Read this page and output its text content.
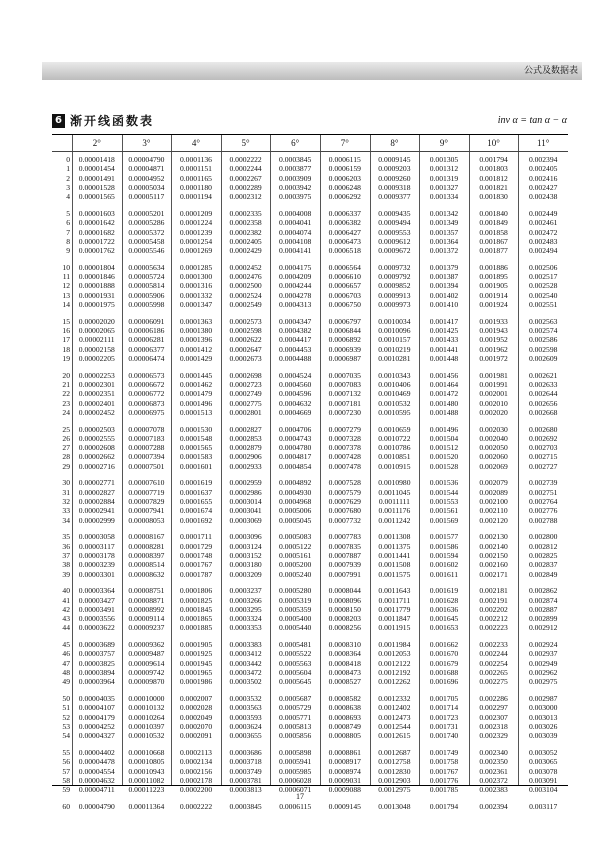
公式及数据表
6 渐开线函数表	inv α = tan α − α
2°	3°	4°	5°	6°	7°	8°	9°	10°	11°
0	0.00001418	0.00004790	0.0001136	0.0002222	0.0003845	0.0006115	0.0009145	0.001305	0.001794	0.002394
1	0.00001454	0.00004871	0.0001151	0.0002244	0.0003877	0.0006159	0.0009203	0.001312	0.001803	0.002405
2	0.00001491	0.00004952	0.0001165	0.0002267	0.0003909	0.0006203	0.0009260	0.001319	0.001812	0.002416
3	0.00001528	0.00005034	0.0001180	0.0002289	0.0003942	0.0006248	0.0009318	0.001327	0.001821	0.002427
4	0.00001565	0.00005117	0.0001194	0.0002312	0.0003975	0.0006292	0.0009377	0.001334	0.001830	0.002438
5	0.00001603	0.00005201	0.0001209	0.0002335	0.0004008	0.0006337	0.0009435	0.001342	0.001840	0.002449
6	0.00001642	0.00005286	0.0001224	0.0002358	0.0004041	0.0006382	0.0009494	0.001349	0.001849	0.002461
7	0.00001682	0.00005372	0.0001239	0.0002382	0.0004074	0.0006427	0.0009553	0.001357	0.001858	0.002472
8	0.00001722	0.00005458	0.0001254	0.0002405	0.0004108	0.0006473	0.0009612	0.001364	0.001867	0.002483
9	0.00001762	0.00005546	0.0001269	0.0002429	0.0004141	0.0006518	0.0009672	0.001372	0.001877	0.002494
10	0.00001804	0.00005634	0.0001285	0.0002452	0.0004175	0.0006564	0.0009732	0.001379	0.001886	0.002506
11	0.00001846	0.00005724	0.0001300	0.0002476	0.0004209	0.0006610	0.0009792	0.001387	0.001895	0.002517
12	0.00001888	0.00005814	0.0001316	0.0002500	0.0004244	0.0006657	0.0009852	0.001394	0.001905	0.002528
13	0.00001931	0.00005906	0.0001332	0.0002524	0.0004278	0.0006703	0.0009913	0.001402	0.001914	0.002540
14	0.00001975	0.00005998	0.0001347	0.0002549	0.0004313	0.0006750	0.0009973	0.001410	0.001924	0.002551
15	0.00002020	0.00006091	0.0001363	0.0002573	0.0004347	0.0006797	0.0010034	0.001417	0.001933	0.002563
16	0.00002065	0.00006186	0.0001380	0.0002598	0.0004382	0.0006844	0.0010096	0.001425	0.001943	0.002574
17	0.00002111	0.00006281	0.0001396	0.0002622	0.0004417	0.0006892	0.0010157	0.001433	0.001952	0.002586
18	0.00002158	0.00006377	0.0001412	0.0002647	0.0004453	0.0006939	0.0010219	0.001441	0.001962	0.002598
19	0.00002205	0.00006474	0.0001429	0.0002673	0.0004488	0.0006987	0.0010281	0.001448	0.001972	0.002609
20	0.00002253	0.00006573	0.0001445	0.0002698	0.0004524	0.0007035	0.0010343	0.001456	0.001981	0.002621
21	0.00002301	0.00006672	0.0001462	0.0002723	0.0004560	0.0007083	0.0010406	0.001464	0.001991	0.002633
22	0.00002351	0.00006772	0.0001479	0.0002749	0.0004596	0.0007132	0.0010469	0.001472	0.002001	0.002644
23	0.00002401	0.00006873	0.0001496	0.0002775	0.0004632	0.0007181	0.0010532	0.001480	0.002010	0.002656
24	0.00002452	0.00006975	0.0001513	0.0002801	0.0004669	0.0007230	0.0010595	0.001488	0.002020	0.002668
25	0.00002503	0.00007078	0.0001530	0.0002827	0.0004706	0.0007279	0.0010659	0.001496	0.002030	0.002680
26	0.00002555	0.00007183	0.0001548	0.0002853	0.0004743	0.0007328	0.0010722	0.001504	0.002040	0.002692
27	0.00002608	0.00007288	0.0001565	0.0002879	0.0004780	0.0007378	0.0010786	0.001512	0.002050	0.002703
28	0.00002662	0.00007394	0.0001583	0.0002906	0.0004817	0.0007428	0.0010851	0.001520	0.002060	0.002715
29	0.00002716	0.00007501	0.0001601	0.0002933	0.0004854	0.0007478	0.0010915	0.001528	0.002069	0.002727
30	0.00002771	0.00007610	0.0001619	0.0002959	0.0004892	0.0007528	0.0010980	0.001536	0.002079	0.002739
31	0.00002827	0.00007719	0.0001637	0.0002986	0.0004930	0.0007579	0.0011045	0.001544	0.002089	0.002751
32	0.00002884	0.00007829	0.0001655	0.0003014	0.0004968	0.0007629	0.0011111	0.001553	0.002100	0.002764
33	0.00002941	0.00007941	0.0001674	0.0003041	0.0005006	0.0007680	0.0011176	0.001561	0.002110	0.002776
34	0.00002999	0.00008053	0.0001692	0.0003069	0.0005045	0.0007732	0.0011242	0.001569	0.002120	0.002788
35	0.00003058	0.00008167	0.0001711	0.0003096	0.0005083	0.0007783	0.0011308	0.001577	0.002130	0.002800
36	0.00003117	0.00008281	0.0001729	0.0003124	0.0005122	0.0007835	0.0011375	0.001586	0.002140	0.002812
37	0.00003178	0.00008397	0.0001748	0.0003152	0.0005161	0.0007887	0.0011441	0.001594	0.002150	0.002825
38	0.00003239	0.00008514	0.0001767	0.0003180	0.0005200	0.0007939	0.0011508	0.001602	0.002160	0.002837
39	0.00003301	0.00008632	0.0001787	0.0003209	0.0005240	0.0007991	0.0011575	0.001611	0.002171	0.002849
40	0.00003364	0.00008751	0.0001806	0.0003237	0.0005280	0.0008044	0.0011643	0.001619	0.002181	0.002862
41	0.00003427	0.00008871	0.0001825	0.0003266	0.0005319	0.0008096	0.0011711	0.001628	0.002191	0.002874
42	0.00003491	0.00008992	0.0001845	0.0003295	0.0005359	0.0008150	0.0011779	0.001636	0.002202	0.002887
43	0.00003556	0.00009114	0.0001865	0.0003324	0.0005400	0.0008203	0.0011847	0.001645	0.002212	0.002899
44	0.00003622	0.00009237	0.0001885	0.0003353	0.0005440	0.0008256	0.0011915	0.001653	0.002223	0.002912
45	0.00003689	0.00009362	0.0001905	0.0003383	0.0005481	0.0008310	0.0011984	0.001662	0.002233	0.002924
46	0.00003757	0.00009487	0.0001925	0.0003412	0.0005522	0.0008364	0.0012053	0.001670	0.002244	0.002937
47	0.00003825	0.00009614	0.0001945	0.0003442	0.0005563	0.0008418	0.0012122	0.001679	0.002254	0.002949
48	0.00003894	0.00009742	0.0001965	0.0003472	0.0005604	0.0008473	0.0012192	0.001688	0.002265	0.002962
49	0.00003964	0.00009870	0.0001986	0.0003502	0.0005645	0.0008527	0.0012262	0.001696	0.002275	0.002975
50	0.00004035	0.00010000	0.0002007	0.0003532	0.0005687	0.0008582	0.0012332	0.001705	0.002286	0.002987
51	0.00004107	0.00010132	0.0002028	0.0003563	0.0005729	0.0008638	0.0012402	0.001714	0.002297	0.003000
52	0.00004179	0.00010264	0.0002049	0.0003593	0.0005771	0.0008693	0.0012473	0.001723	0.002307	0.003013
53	0.00004252	0.00010397	0.0002070	0.0003624	0.0005813	0.0008749	0.0012544	0.001731	0.002318	0.003026
54	0.00004327	0.00010532	0.0002091	0.0003655	0.0005856	0.0008805	0.0012615	0.001740	0.002329	0.003039
55	0.00004402	0.00010668	0.0002113	0.0003686	0.0005898	0.0008861	0.0012687	0.001749	0.002340	0.003052
56	0.00004478	0.00010805	0.0002134	0.0003718	0.0005941	0.0008917	0.0012758	0.001758	0.002350	0.003065
57	0.00004554	0.00010943	0.0002156	0.0003749	0.0005985	0.0008974	0.0012830	0.001767	0.002361	0.003078
58	0.00004632	0.00011082	0.0002178	0.0003781	0.0006028	0.0009031	0.0012903	0.001776	0.002372	0.003091
59	0.00004711	0.00011223	0.0002200	0.0003813	0.0006071	0.0009088	0.0012975	0.001785	0.002383	0.003104
60	0.00004790	0.00011364	0.0002222	0.0003845	0.0006115	0.0009145	0.0013048	0.001794	0.002394	0.003117
17
